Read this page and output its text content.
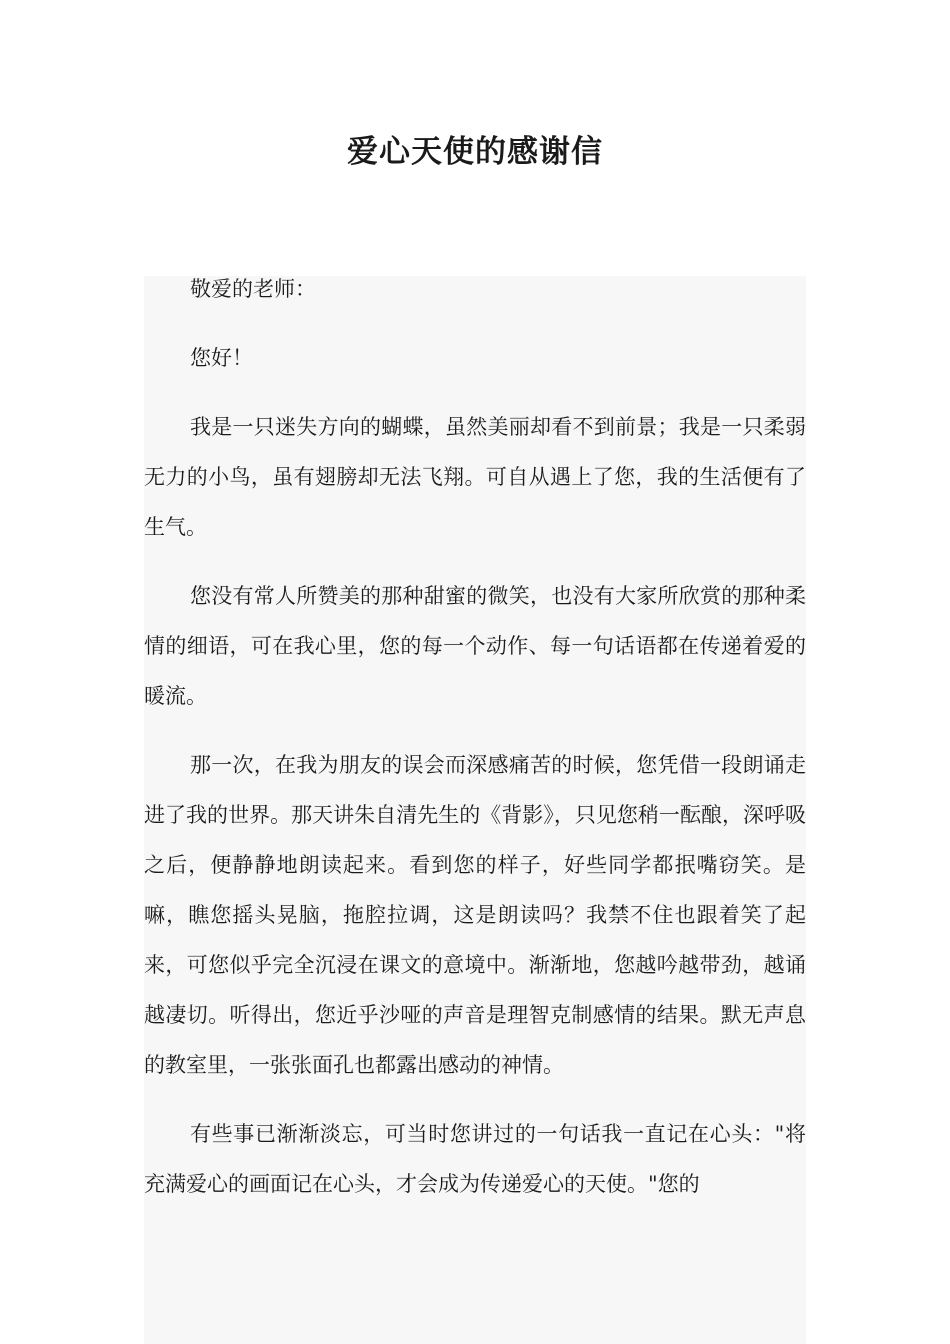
爱心天使的感谢信

敬爱的老师：

您好！

我是一只迷失方向的蝴蝶，虽然美丽却看不到前景；我是一只柔弱无力的小鸟，虽有翅膀却无法飞翔。可自从遇上了您，我的生活便有了生气。

您没有常人所赞美的那种甜蜜的微笑，也没有大家所欣赏的那种柔情的细语，可在我心里，您的每一个动作、每一句话语都在传递着爱的暖流。

那一次，在我为朋友的误会而深感痛苦的时候，您凭借一段朗诵走进了我的世界。那天讲朱自清先生的《背影》，只见您稍一酝酿，深呼吸之后，便静静地朗读起来。看到您的样子，好些同学都抿嘴窃笑。是嘛，瞧您摇头晃脑，拖腔拉调，这是朗读吗？我禁不住也跟着笑了起来，可您似乎完全沉浸在课文的意境中。渐渐地，您越吟越带劲，越诵越凄切。听得出，您近乎沙哑的声音是理智克制感情的结果。默无声息的教室里，一张张面孔也都露出感动的神情。

有些事已渐渐淡忘，可当时您讲过的一句话我一直记在心头："将充满爱心的画面记在心头，才会成为传递爱心的天使。"您的
